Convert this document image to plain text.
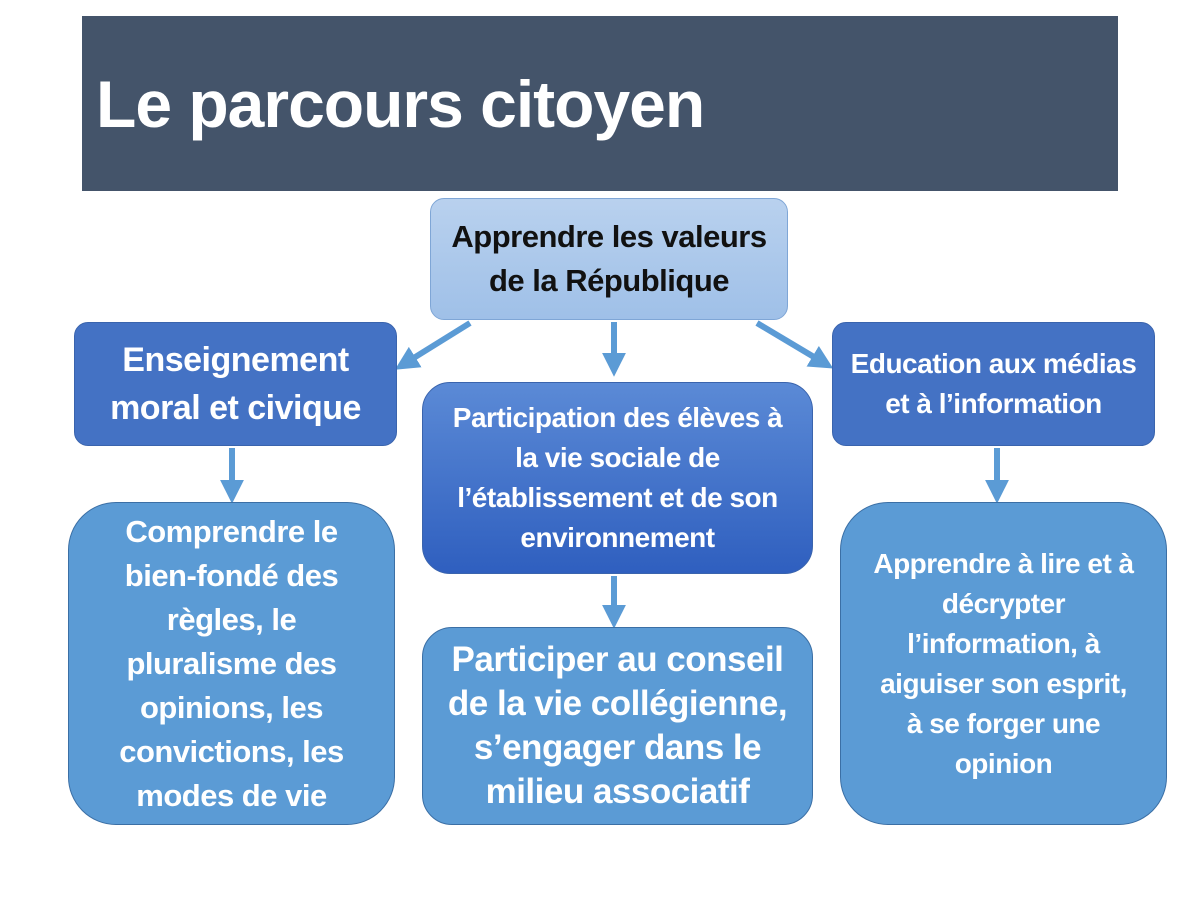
Le parcours citoyen
Apprendre les valeurs
de la République
Enseignement
moral et civique	Participation des élèves à
la vie sociale de
l’établissement et de son
environnement
Education aux médias
et à l’information
Comprendre le
bien-fondé des
règles, le
pluralisme des
opinions, les
convictions, les
modes de vie
Participer au conseil
de la vie collégienne,
s’engager dans le
milieu associatif
Apprendre à lire et à
décrypter
l’information, à
aiguiser son esprit,
à se forger une
opinion
